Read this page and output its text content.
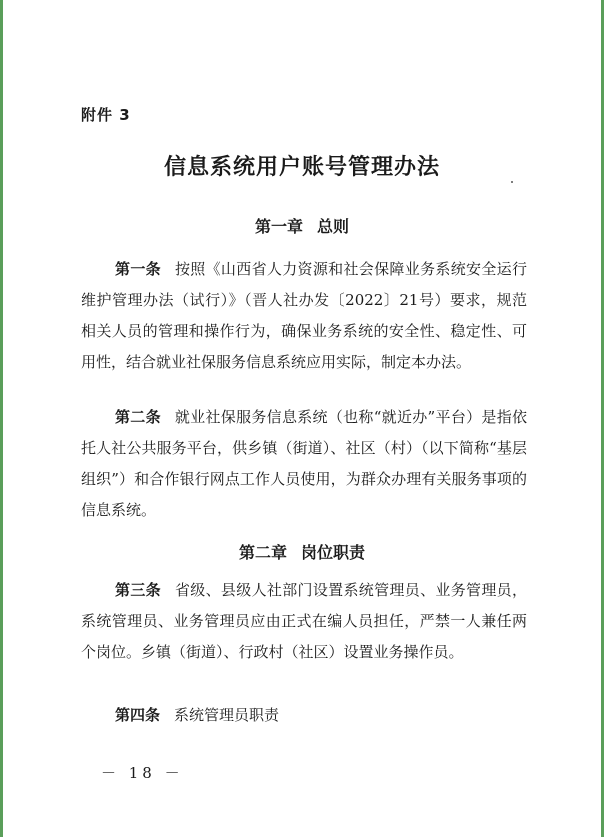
附件 3
信息系统用户账号管理办法
第一章 总则

第一条 按照《山西省人力资源和社会保障业务系统安全运行维护管理办法（试行）》（晋人社办发〔2022〕21号）要求，规范相关人员的管理和操作行为，确保业务系统的安全性、稳定性、可用性，结合就业社保服务信息系统应用实际，制定本办法。

第二条 就业社保服务信息系统（也称“就近办”平台）是指依托人社公共服务平台，供乡镇（街道）、社区（村）（以下简称“基层组织”）和合作银行网点工作人员使用，为群众办理有关服务事项的信息系统。

第二章 岗位职责

第三条 省级、县级人社部门设置系统管理员、业务管理员，系统管理员、业务管理员应由正式在编人员担任，严禁一人兼任两个岗位。乡镇（街道）、行政村（社区）设置业务操作员。

第四条 系统管理员职责

－ 18 －
